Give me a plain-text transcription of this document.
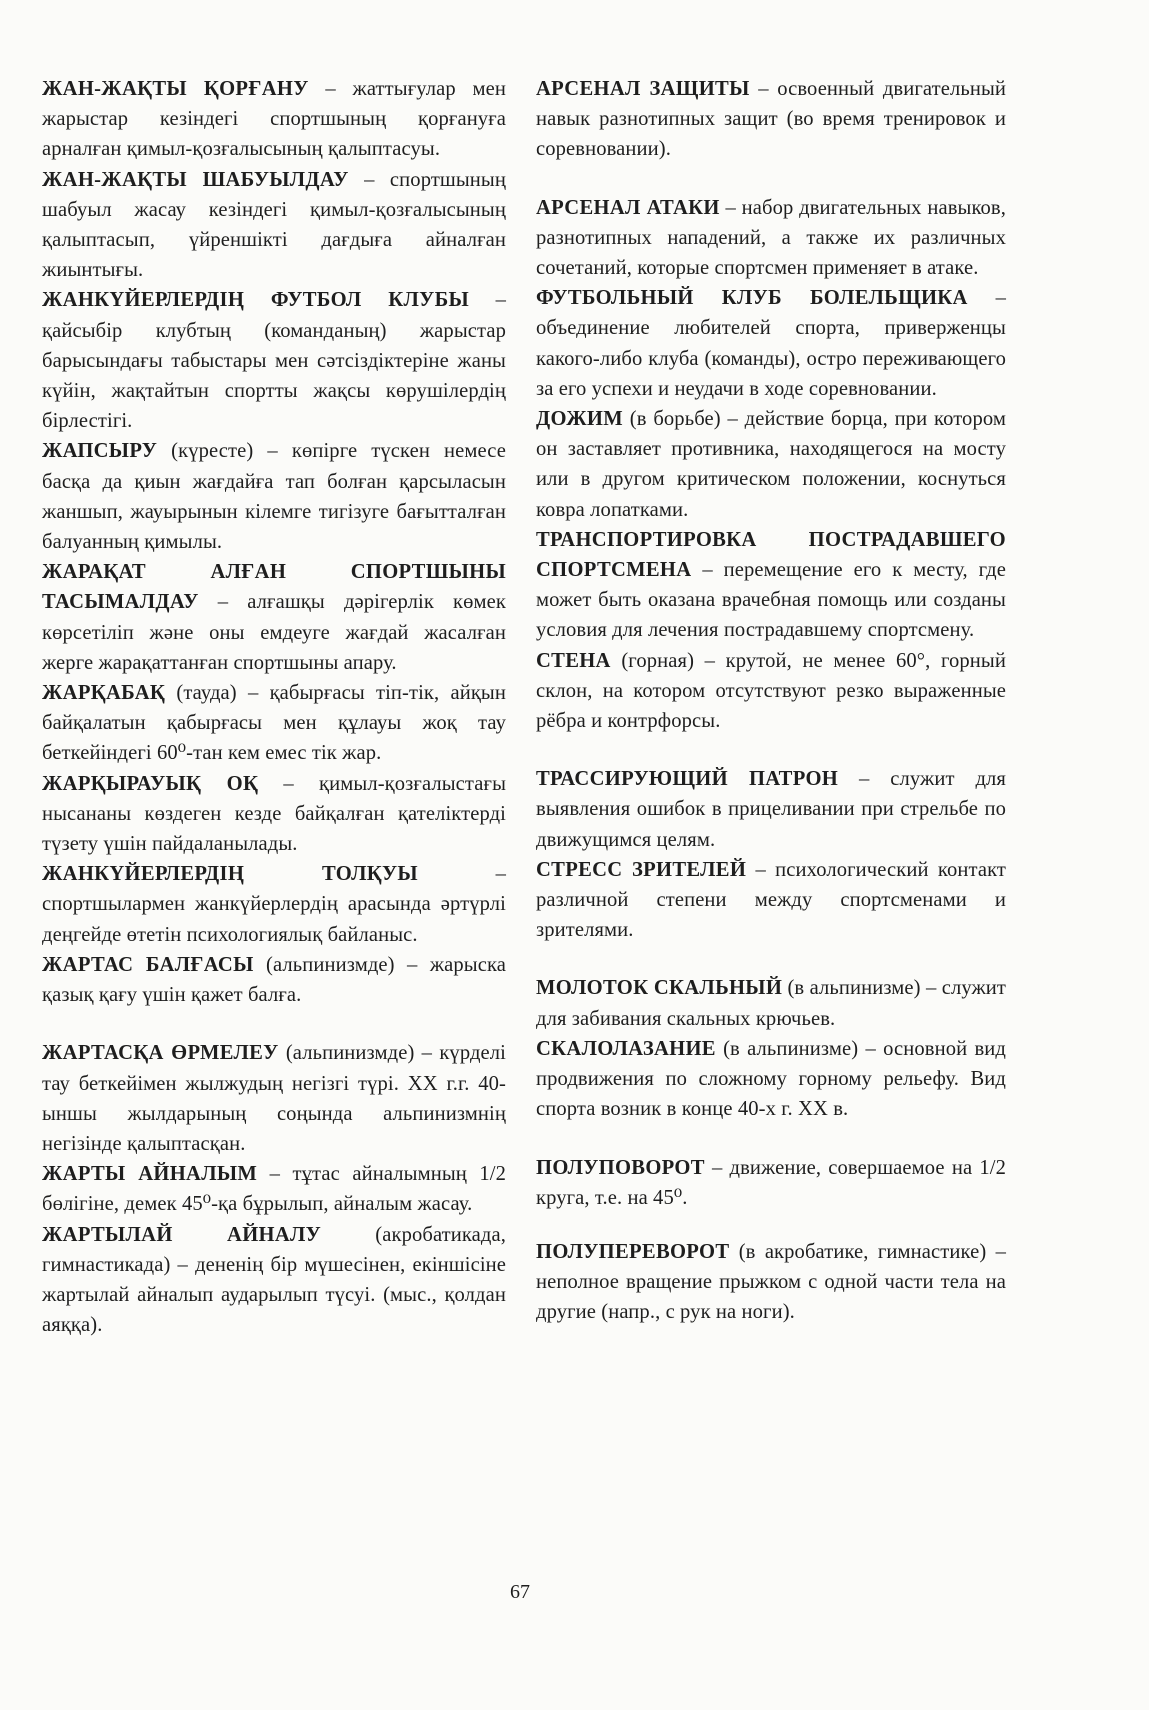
ЖАН-ЖАҚТЫ ҚОРҒАНУ – жаттығулар мен жарыстар кезіндегі спортшының қорғануға арналған қимыл-қозғалысының қалыптасуы.

ЖАН-ЖАҚТЫ ШАБУЫЛДАУ – спортшының шабуыл жасау кезіндегі қимыл-қозғалысының қалыптасып, үйреншікті дағдыға айналған жиынтығы.

ЖАНКҮЙЕРЛЕРДІҢ ФУТБОЛ КЛУБЫ – қайсыбір клубтың (команданың) жарыстар барысындағы табыстары мен сәтсіздіктеріне жаны күйін, жақтайтын спортты жақсы көрушілердің бірлестігі.

ЖАПСЫРУ (күресте) – көпірге түскен немесе басқа да қиын жағдайға тап болған қарсыласын жаншып, жауырынын кілемге тигізуге бағытталған балуанның қимылы.

ЖАРАҚАТ АЛҒАН СПОРТШЫНЫ ТАСЫМАЛДАУ – алғашқы дәрігерлік көмек көрсетіліп және оны емдеуге жағдай жасалған жерге жарақаттанған спортшыны апару.

ЖАРҚАБАҚ (тауда) – қабырғасы тіп-тік, айқын байқалатын қабырғасы мен құлауы жоқ тау беткейіндегі 60⁰-тан кем емес тік жар.

ЖАРҚЫРАУЫҚ ОҚ – қимыл-қозғалыстағы нысананы көздеген кезде байқалған қателіктерді түзету үшін пайдаланылады.

ЖАНКҮЙЕРЛЕРДІҢ ТОЛҚУЫ – спортшылармен жанкүйерлердің арасында әртүрлі деңгейде өтетін психологиялық байланыс.

ЖАРТАС БАЛҒАСЫ (альпинизмде) – жарыска қазық қағу үшін қажет балға.

ЖАРТАСҚА ӨРМЕЛЕУ (альпинизмде) – күрделі тау беткейімен жылжудың негізгі түрі. ХХ г.г. 40-ыншы жылдарының соңында альпинизмнің негізінде қалыптасқан.

ЖАРТЫ АЙНАЛЫМ – тұтас айналымның 1/2 бөлігіне, демек 45⁰-қа бұрылып, айналым жасау.

ЖАРТЫЛАЙ АЙНАЛУ (акробатикада, гимнастикада) – дененің бір мүшесінен, екіншісіне жартылай айналып аударылып түсуі. (мыс., қолдан аяққа).

АРСЕНАЛ ЗАЩИТЫ – освоенный двигательный навык разнотипных защит (во время тренировок и соревновании).

АРСЕНАЛ АТАКИ – набор двигательных навыков, разнотипных нападений, а также их различных сочетаний, которые спортсмен применяет в атаке.

ФУТБОЛЬНЫЙ КЛУБ БОЛЕЛЬЩИКА – объединение любителей спорта, приверженцы какого-либо клуба (команды), остро переживающего за его успехи и неудачи в ходе соревновании.

ДОЖИМ (в борьбе) – действие борца, при котором он заставляет противника, находящегося на мосту или в другом критическом положении, коснуться ковра лопатками.

ТРАНСПОРТИРОВКА ПОСТРАДАВШЕГО СПОРТСМЕНА – перемещение его к месту, где может быть оказана врачебная помощь или созданы условия для лечения пострадавшему спортсмену.

СТЕНА (горная) – крутой, не менее 60°, горный склон, на котором отсутствуют резко выраженные рёбра и контрфорсы.

ТРАССИРУЮЩИЙ ПАТРОН – служит для выявления ошибок в прицеливании при стрельбе по движущимся целям.

СТРЕСС ЗРИТЕЛЕЙ – психологический контакт различной степени между спортсменами и зрителями.

МОЛОТОК СКАЛЬНЫЙ (в альпинизме) – служит для забивания скальных крючьев.

СКАЛОЛАЗАНИЕ (в альпинизме) – основной вид продвижения по сложному горному рельефу. Вид спорта возник в конце 40-х г. ХХ в.

ПОЛУПОВОРОТ – движение, совершаемое на 1/2 круга, т.е. на 45⁰.

ПОЛУПЕРЕВОРОТ (в акробатике, гимнастике) – неполное вращение прыжком с одной части тела на другие (напр., с рук на ноги).

67
